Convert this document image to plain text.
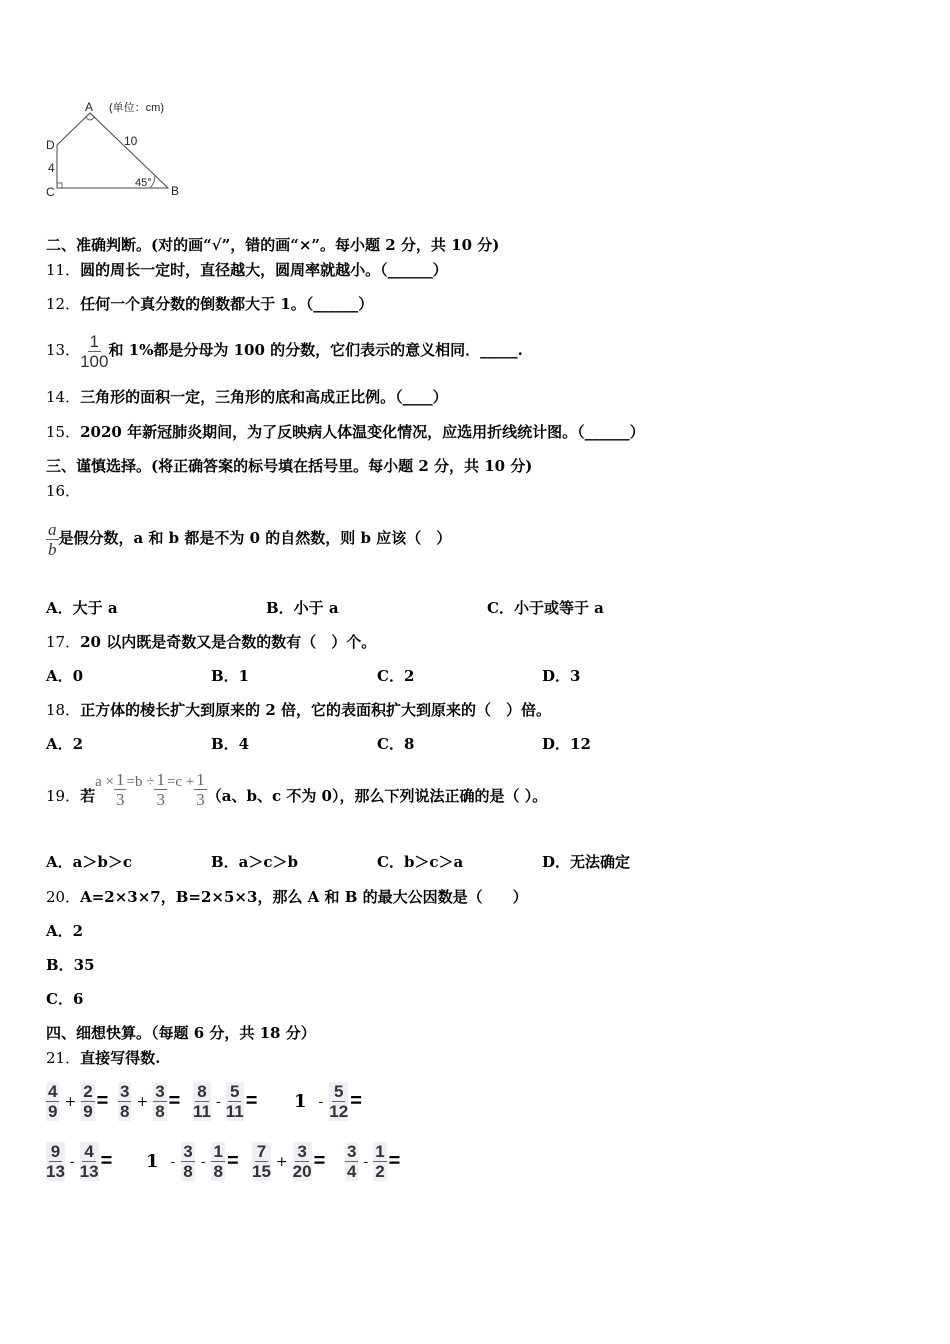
A
B
C
D
(单位：cm)
10
4
45°
二、准确判断。(对的画“√”，错的画“×”。每小题 2 分，共 10 分)
11．圆的周长一定时，直径越大，圆周率就越小。（______）
12．任何一个真分数的倒数都大于 1。（______）
13． $\frac{1}{100}$ 和 1%都是分母为 100 的分数，它们表示的意义相同．_____.
14．三角形的面积一定，三角形的底和高成正比例。（____）
15．2020 年新冠肺炎期间，为了反映病人体温变化情况，应选用折线统计图。（______）
三、谨慎选择。(将正确答案的标号填在括号里。每小题 2 分，共 10 分)
16．
$\frac{a}{b}$ 是假分数，a 和 b 都是不为 0 的自然数，则 b 应该（　）
A．大于 a	B．小于 a	C．小于或等于 a
17．20 以内既是奇数又是合数的数有（　）个。
A．0	B．1	C．2	D．3
18．正方体的棱长扩大到原来的 2 倍，它的表面积扩大到原来的（　）倍。
A．2	B．4	C．8	D．12
19． 若
$a \times \frac{1}{3} =b \div \frac{1}{3} =c + \frac{1}{3} (a$、b、c 不为 0），那么下列说法正确的是（ ）。
A．a＞b＞c	B．a＞c＞b	C．b＞c＞a	D．无法确定
20．A=2×3×7，B=2×5×3，那么 A 和 B 的最大公因数是（　　）
A．2
B．35
C．6
四、细想快算。（每题 6 分，共 18 分）
21．直接写得数.
4
9
+ $\frac{2}{9} = 3$
8
+ $\frac{3}{8} = 8$
11
- $\frac{5}{11} = 1 - \frac{5}{12}$ =
9
13
- $\frac{4}{13} = 1$ -
3
8
- $\frac{1}{8} = 7$
15
+ $\frac{3}{20} = 3$
4
- $\frac{1}{2}$ =
